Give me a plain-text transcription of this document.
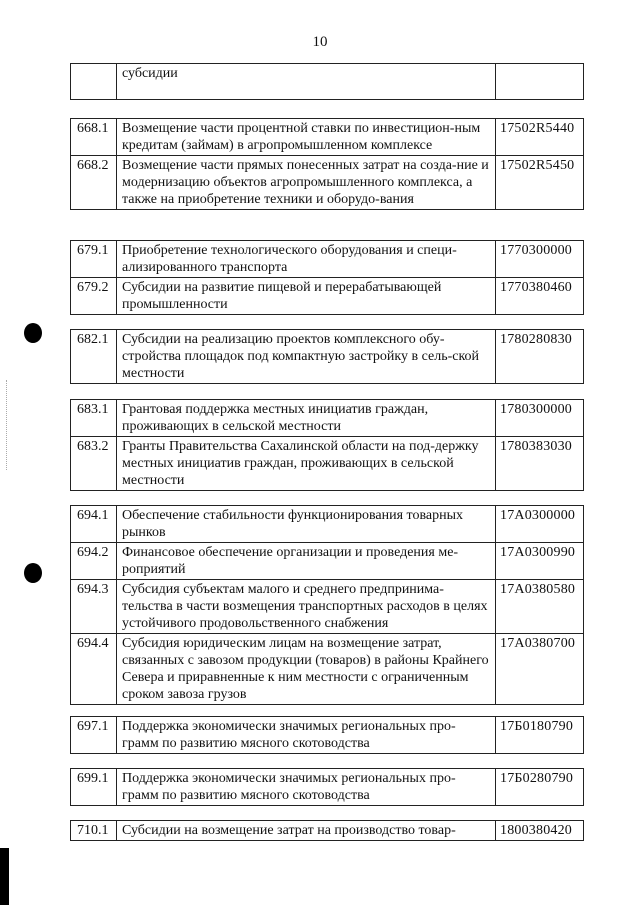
10
	субсидии	
668.1	Возмещение части процентной ставки по инвестицион-ным кредитам (займам) в агропромышленном комплексе	17502R5440
668.2	Возмещение части прямых понесенных затрат на созда-ние и модернизацию объектов агропромышленного комплекса, а также на приобретение техники и оборудо-вания	17502R5450
679.1	Приобретение технологического оборудования и специ-ализированного транспорта	1770300000
679.2	Субсидии на развитие пищевой и перерабатывающей промышленности	1770380460
682.1	Субсидии на реализацию проектов комплексного обу-стройства площадок под компактную застройку в сель-ской местности	1780280830
683.1	Грантовая поддержка местных инициатив граждан, проживающих в сельской местности	1780300000
683.2	Гранты Правительства Сахалинской области на под-держку местных инициатив граждан, проживающих в сельской местности	1780383030
694.1	Обеспечение стабильности функционирования товарных рынков	17А0300000
694.2	Финансовое обеспечение организации и проведения ме-роприятий	17А0300990
694.3	Субсидия субъектам малого и среднего предпринима-тельства в части возмещения транспортных расходов в целях устойчивого продовольственного снабжения	17А0380580
694.4	Субсидия юридическим лицам на возмещение затрат, связанных с завозом продукции (товаров) в районы Крайнего Севера и приравненные к ним местности с ограниченным сроком завоза грузов	17А0380700
697.1	Поддержка экономически значимых региональных про-грамм по развитию мясного скотоводства	17Б0180790
699.1	Поддержка экономически значимых региональных про-грамм по развитию мясного скотоводства	17Б0280790
710.1	Субсидии на возмещение затрат на производство товар-	1800380420
